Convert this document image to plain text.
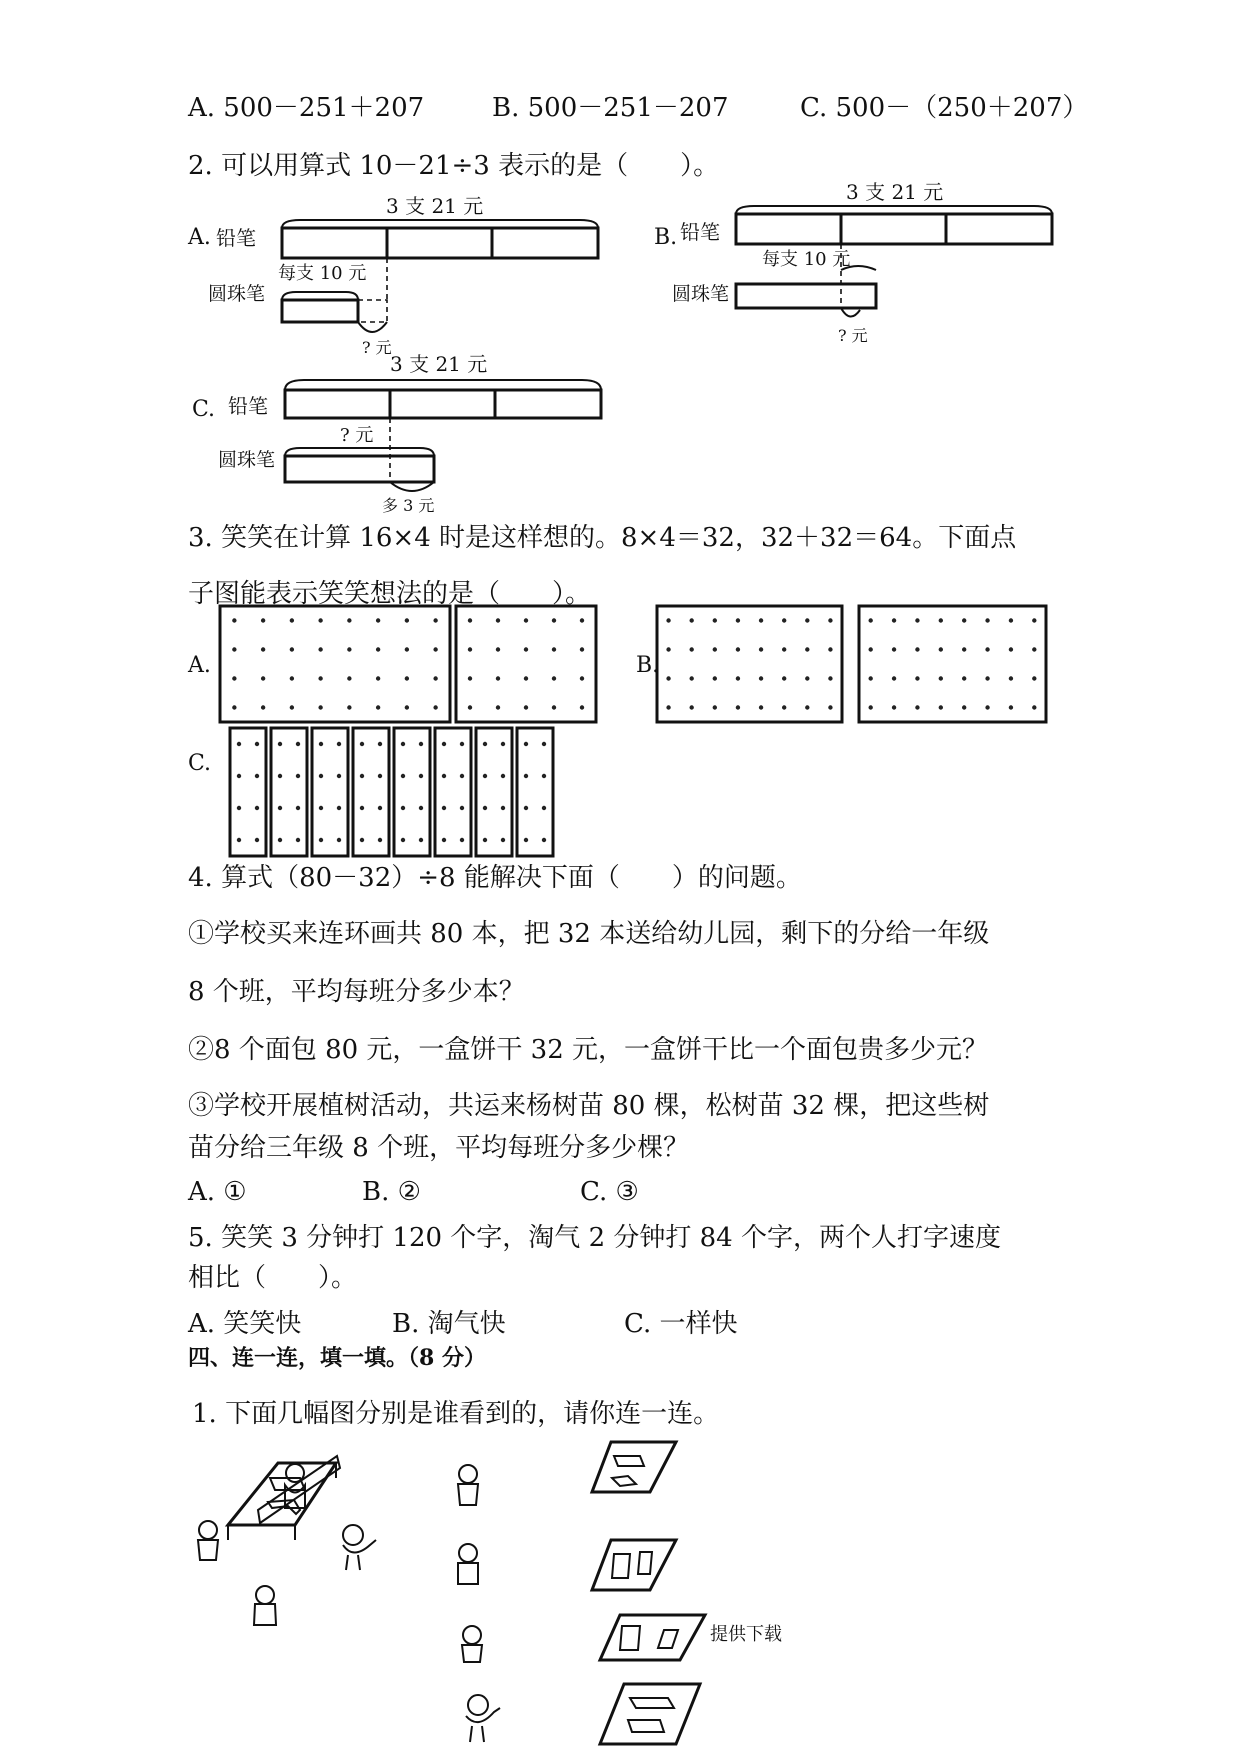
A. 500－251＋207	B. 500－251－207	C. 500－（250＋207）
2. 可以用算式 10－21÷3 表示的是（　　）。
3 支 21 元
A. 铅笔
每支 10 元
圆珠笔
? 元
3 支 21 元
B. 铅笔
每支 10 元
圆珠笔
? 元
3 支 21 元
C. 铅笔
? 元
圆珠笔
多 3 元
3. 笑笑在计算 16×4 时是这样想的。8×4＝32，32＋32＝64。下面点
子图能表示笑笑想法的是（　　）。
A.	B.
C.
4. 算式（80－32）÷8 能解决下面（　　）的问题。
①学校买来连环画共 80 本，把 32 本送给幼儿园，剩下的分给一年级
8 个班，平均每班分多少本？
②8 个面包 80 元，一盒饼干 32 元，一盒饼干比一个面包贵多少元？
③学校开展植树活动，共运来杨树苗 80 棵，松树苗 32 棵，把这些树
苗分给三年级 8 个班，平均每班分多少棵？
A. ①	B. ②	C. ③
5. 笑笑 3 分钟打 120 个字，淘气 2 分钟打 84 个字，两个人打字速度
相比（　　）。
A. 笑笑快	B. 淘气快	C. 一样快
四、连一连，填一填。（8 分）
1. 下面几幅图分别是谁看到的，请你连一连。
提供下载
